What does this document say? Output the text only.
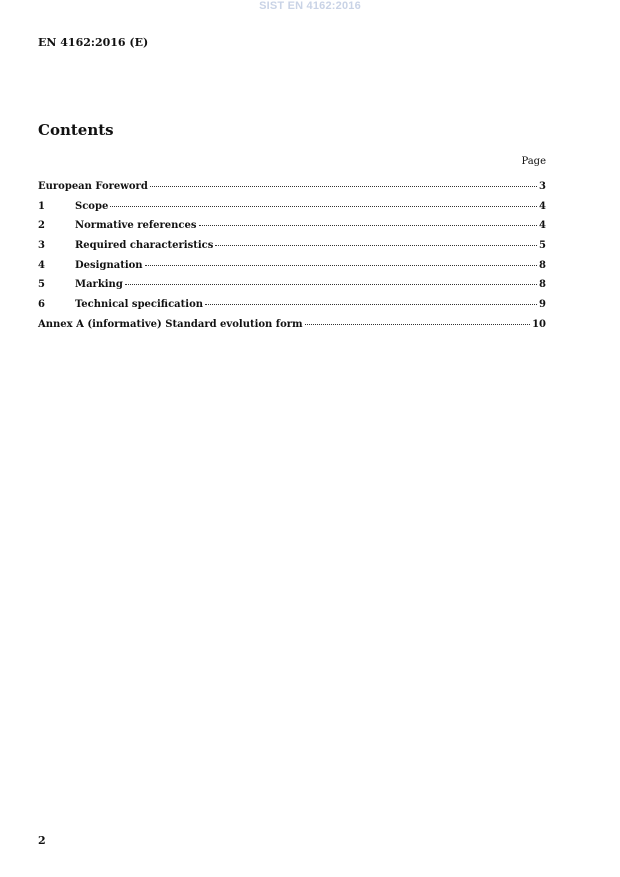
SIST EN 4162:2016
EN 4162:2016 (E)
Contents
Page
European Foreword	3
1	Scope	4
2	Normative references	4
3	Required characteristics	5
4	Designation	8
5	Marking	8
6	Technical specification	9
Annex A (informative) Standard evolution form	10
2
